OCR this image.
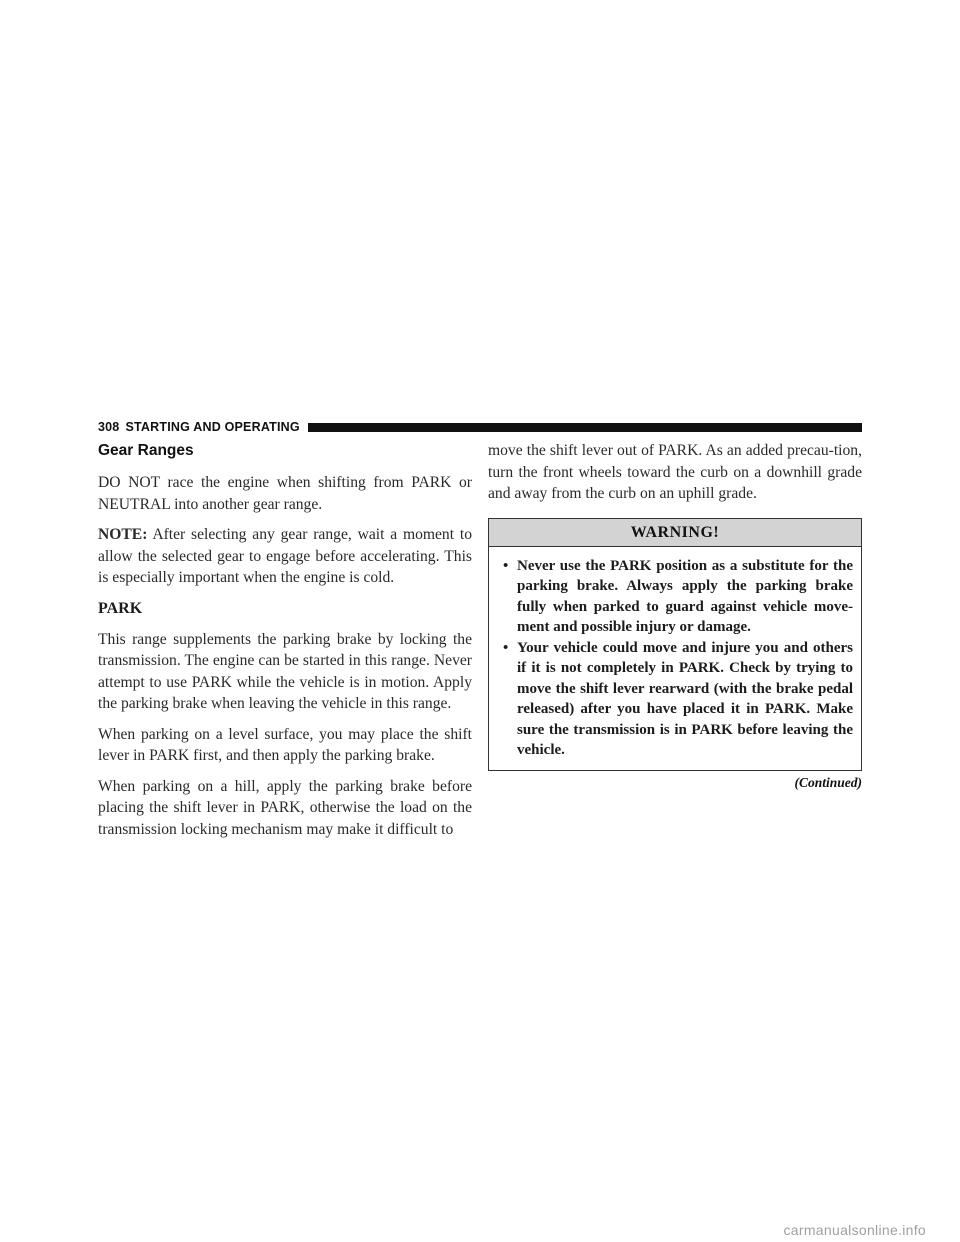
308 STARTING AND OPERATING
Gear Ranges

DO NOT race the engine when shifting from PARK or NEUTRAL into another gear range.

NOTE: After selecting any gear range, wait a moment to allow the selected gear to engage before accelerating. This is especially important when the engine is cold.

PARK

This range supplements the parking brake by locking the transmission. The engine can be started in this range. Never attempt to use PARK while the vehicle is in motion. Apply the parking brake when leaving the vehicle in this range.

When parking on a level surface, you may place the shift lever in PARK first, and then apply the parking brake.

When parking on a hill, apply the parking brake before placing the shift lever in PARK, otherwise the load on the transmission locking mechanism may make it difficult to

move the shift lever out of PARK. As an added precau-tion, turn the front wheels toward the curb on a downhill grade and away from the curb on an uphill grade.

WARNING!
• Never use the PARK position as a substitute for the parking brake. Always apply the parking brake fully when parked to guard against vehicle move-ment and possible injury or damage.
• Your vehicle could move and injure you and others if it is not completely in PARK. Check by trying to move the shift lever rearward (with the brake pedal released) after you have placed it in PARK. Make sure the transmission is in PARK before leaving the vehicle.
(Continued)
carmanualsonline.info
